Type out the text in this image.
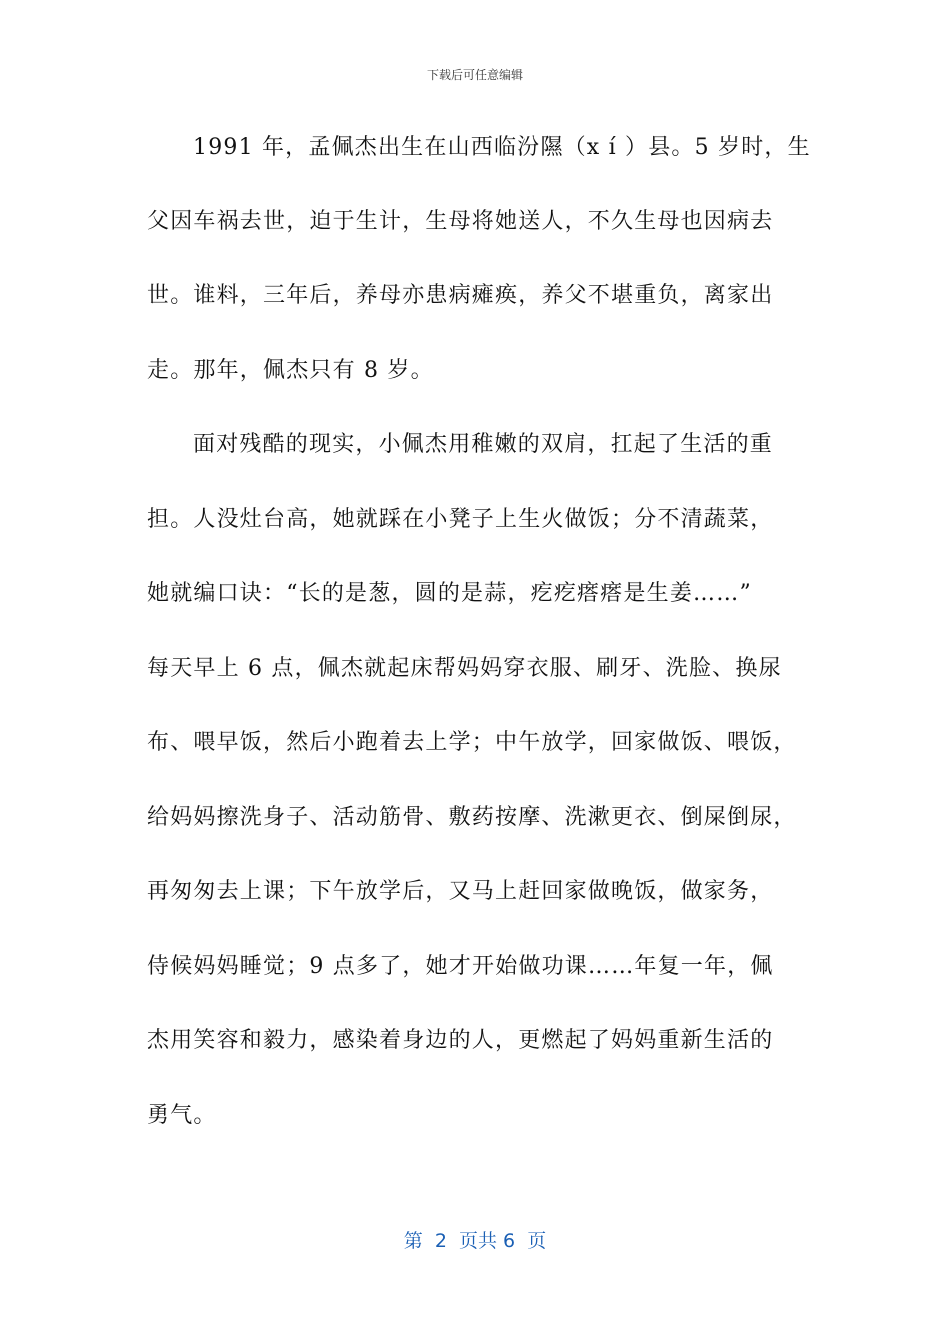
下载后可任意编辑
1991 年，孟佩杰出生在山西临汾隰（x í ）县。5 岁时，生
父因车祸去世，迫于生计，生母将她送人，不久生母也因病去
世。谁料，三年后，养母亦患病瘫痪，养父不堪重负，离家出
走。那年，佩杰只有 8 岁。
面对残酷的现实，小佩杰用稚嫩的双肩，扛起了生活的重
担。人没灶台高，她就踩在小凳子上生火做饭；分不清蔬菜，
她就编口诀：“长的是葱，圆的是蒜，疙疙瘩瘩是生姜……”
每天早上 6 点，佩杰就起床帮妈妈穿衣服、刷牙、洗脸、换尿
布、喂早饭，然后小跑着去上学；中午放学，回家做饭、喂饭，
给妈妈擦洗身子、活动筋骨、敷药按摩、洗漱更衣、倒屎倒尿，
再匆匆去上课；下午放学后，又马上赶回家做晚饭，做家务，
侍候妈妈睡觉；9 点多了，她才开始做功课……年复一年，佩
杰用笑容和毅力，感染着身边的人，更燃起了妈妈重新生活的
勇气。
第  2  页共 6  页
